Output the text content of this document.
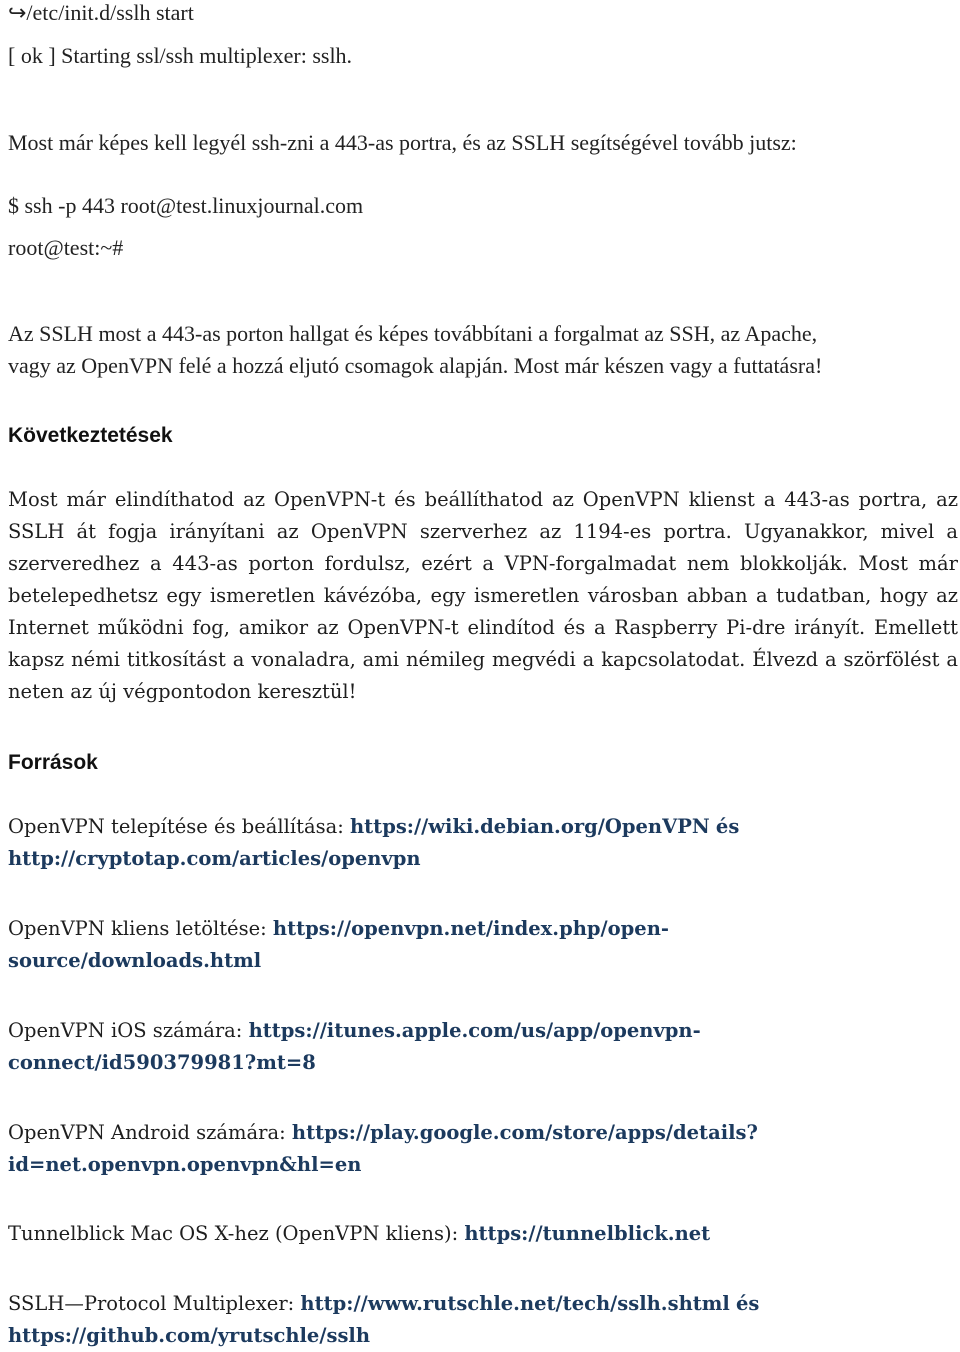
↪/etc/init.d/sslh start

[ ok ] Starting ssl/ssh multiplexer: sslh.

Most már képes kell legyél ssh-zni a 443-as portra, és az SSLH segítségével tovább jutsz:

$ ssh -p 443 root@test.linuxjournal.com

root@test:~#

Az SSLH most a 443-as porton hallgat és képes továbbítani a forgalmat az SSH, az Apache,

vagy az OpenVPN felé a hozzá eljutó csomagok alapján. Most már készen vagy a futtatásra!

Következtetések

Most már elindíthatod az OpenVPN-t és beállíthatod az OpenVPN klienst a 443-as portra, az SSLH át fogja irányítani az OpenVPN szerverhez az 1194-es portra. Ugyanakkor, mivel a szerveredhez a 443-as porton fordulsz, ezért a VPN-forgalmadat nem blokkolják. Most már betelepedhetsz egy ismeretlen kávézóba, egy ismeretlen városban abban a tudatban, hogy az Internet működni fog, amikor az OpenVPN-t elindítod és a Raspberry Pi-dre irányít. Emellett kapsz némi titkosítást a vonaladra, ami némileg megvédi a kapcsolatodat. Élvezd a szörfölést a neten az új végpontodon keresztül!

Források
OpenVPN telepítése és beállítása: https://wiki.debian.org/OpenVPN és
http://cryptotap.com/articles/openvpn
OpenVPN kliens letöltése: https://openvpn.net/index.php/open-
source/downloads.html
OpenVPN iOS számára: https://itunes.apple.com/us/app/openvpn-
connect/id590379981?mt=8
OpenVPN Android számára: https://play.google.com/store/apps/details?
id=net.openvpn.openvpn&hl=en
Tunnelblick Mac OS X-hez (OpenVPN kliens): https://tunnelblick.net
SSLH—Protocol Multiplexer: http://www.rutschle.net/tech/sslh.shtml és
https://github.com/yrutschle/sslh
